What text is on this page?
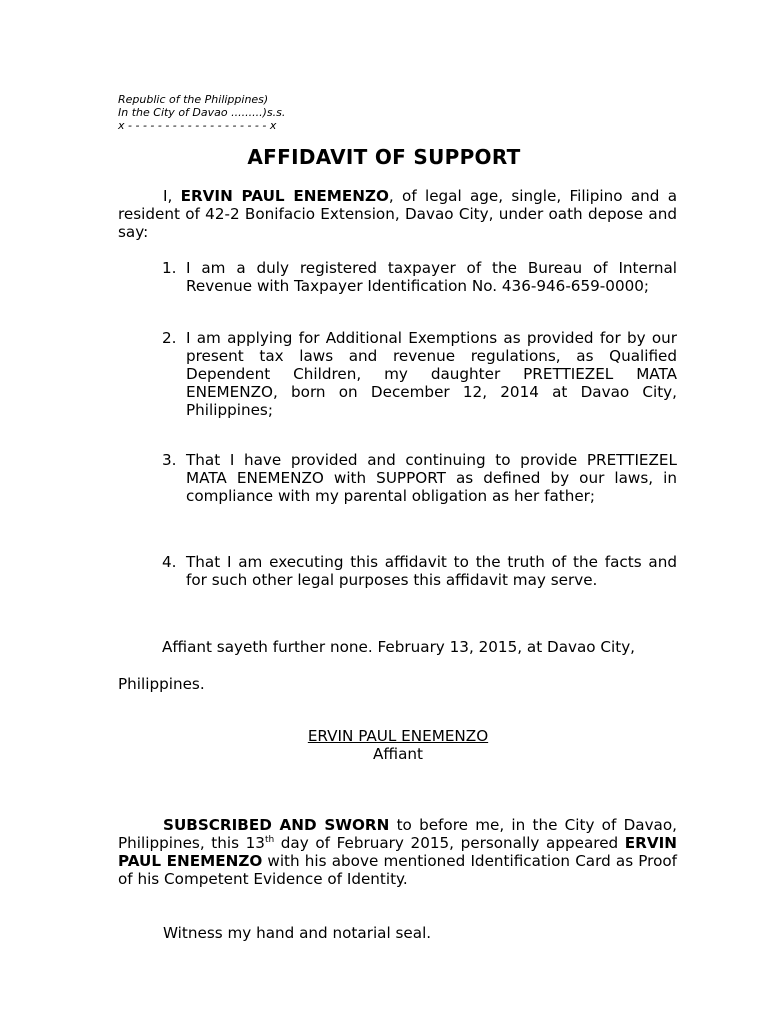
Republic of the Philippines)
In the City of Davao .........)s.s.
x - - - - - - - - - - - - - - - - - - - x
AFFIDAVIT OF SUPPORT

I, ERVIN PAUL ENEMENZO, of legal age, single, Filipino and a resident of 42-2 Bonifacio Extension, Davao City, under oath depose and say:

1. I am a duly registered taxpayer of the Bureau of Internal Revenue with Taxpayer Identification No. 436-946-659-0000;
2. I am applying for Additional Exemptions as provided for by our present tax laws and revenue regulations, as Qualified Dependent Children, my daughter PRETTIEZEL MATA ENEMENZO, born on December 12, 2014 at Davao City, Philippines;
3. That I have provided and continuing to provide PRETTIEZEL MATA ENEMENZO with SUPPORT as defined by our laws, in compliance with my parental obligation as her father;
4. That I am executing this affidavit to the truth of the facts and for such other legal purposes this affidavit may serve.

Affiant sayeth further none. February 13, 2015, at Davao City,

Philippines.

ERVIN PAUL ENEMENZO
Affiant

SUBSCRIBED AND SWORN to before me, in the City of Davao, Philippines, this 13th day of February 2015, personally appeared ERVIN PAUL ENEMENZO with his above mentioned Identification Card as Proof of his Competent Evidence of Identity.

Witness my hand and notarial seal.
